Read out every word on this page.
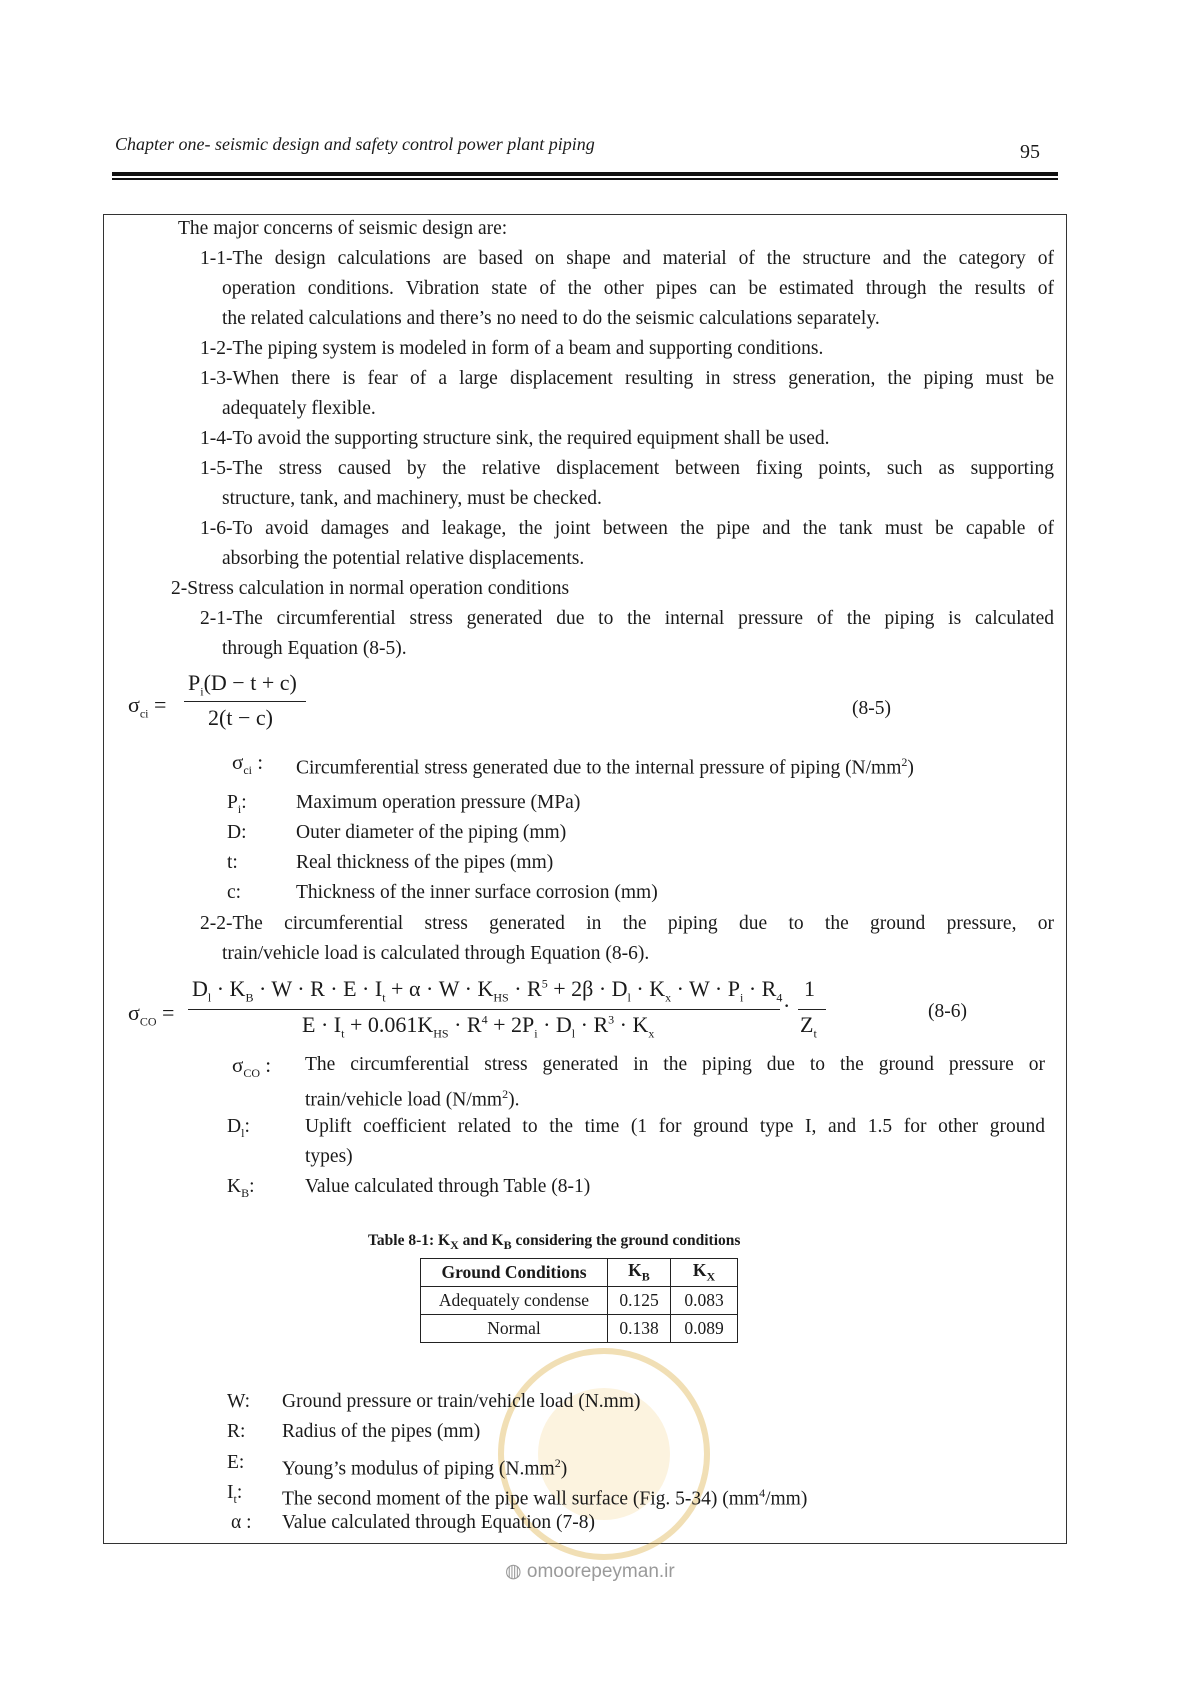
Chapter one- seismic design and safety control power plant piping	95
The major concerns of seismic design are:
1-1-The design calculations are based on shape and material of the structure and the category of
operation conditions. Vibration state of the other pipes can be estimated through the results of
the related calculations and there’s no need to do the seismic calculations separately.
1-2-The piping system is modeled in form of a beam and supporting conditions.
1-3-When there is fear of a large displacement resulting in stress generation, the piping must be
adequately flexible.
1-4-To avoid the supporting structure sink, the required equipment shall be used.
1-5-The stress caused by the relative displacement between fixing points, such as supporting
structure, tank, and machinery, must be checked.
1-6-To avoid damages and leakage, the joint between the pipe and the tank must be capable of
absorbing the potential relative displacements.
2-Stress calculation in normal operation conditions
2-1-The circumferential stress generated due to the internal pressure of the piping is calculated
through Equation (8-5).
$\sigma_{ci}$ =
$P_i(D - t + c)$
2(t − c)	(8-5)
$\sigma_{ci}$ : Circumferential stress generated due to the internal pressure of piping $(N/mm^2)$
$P_i$:	Maximum operation pressure (MPa)
D:	Outer diameter of the piping (mm)
t:	Real thickness of the pipes (mm)
c:	Thickness of the inner surface corrosion (mm)
2-2-The circumferential stress generated in the piping due to the ground pressure, or
train/vehicle load is calculated through Equation (8-6).
$\sigma_{CO}$ =
$D_l \cdot K_B \cdot W \cdot R \cdot E \cdot I_t + \alpha \cdot W \cdot K_{HS} \cdot R^5 + 2\beta \cdot D_l \cdot K_x \cdot W \cdot P_i \cdot R_4$
$E \cdot I_t + 0.061K_{HS} \cdot R^4 + 2P_i \cdot D_l \cdot R^3 \cdot K_x$
·
1
$Z_t$
(8-6)
$\sigma_{CO}$ : The circumferential stress generated in the piping due to the ground pressure or
train/vehicle load $(N/mm^2)$.
$D_l$:	Uplift coefficient related to the time (1 for ground type I, and 1.5 for other ground
types)
$K_B$:	Value calculated through Table (8-1)
Table 8-1: $K_X$ and $K_B$ considering the ground conditions
Ground Conditions	$K_B$	$K_X$
Adequately condense	0.125	0.083
Normal	0.138	0.089
W: Ground pressure or train/vehicle load (N.mm)
R: Radius of the pipes (mm)
E: Young’s modulus of piping $(N.mm^2)$
$I_t$: The second moment of the pipe wall surface (Fig. 5-34) $(mm^4/mm)$
α : Value calculated through Equation (7-8)
◍ omoorepeyman.ir
